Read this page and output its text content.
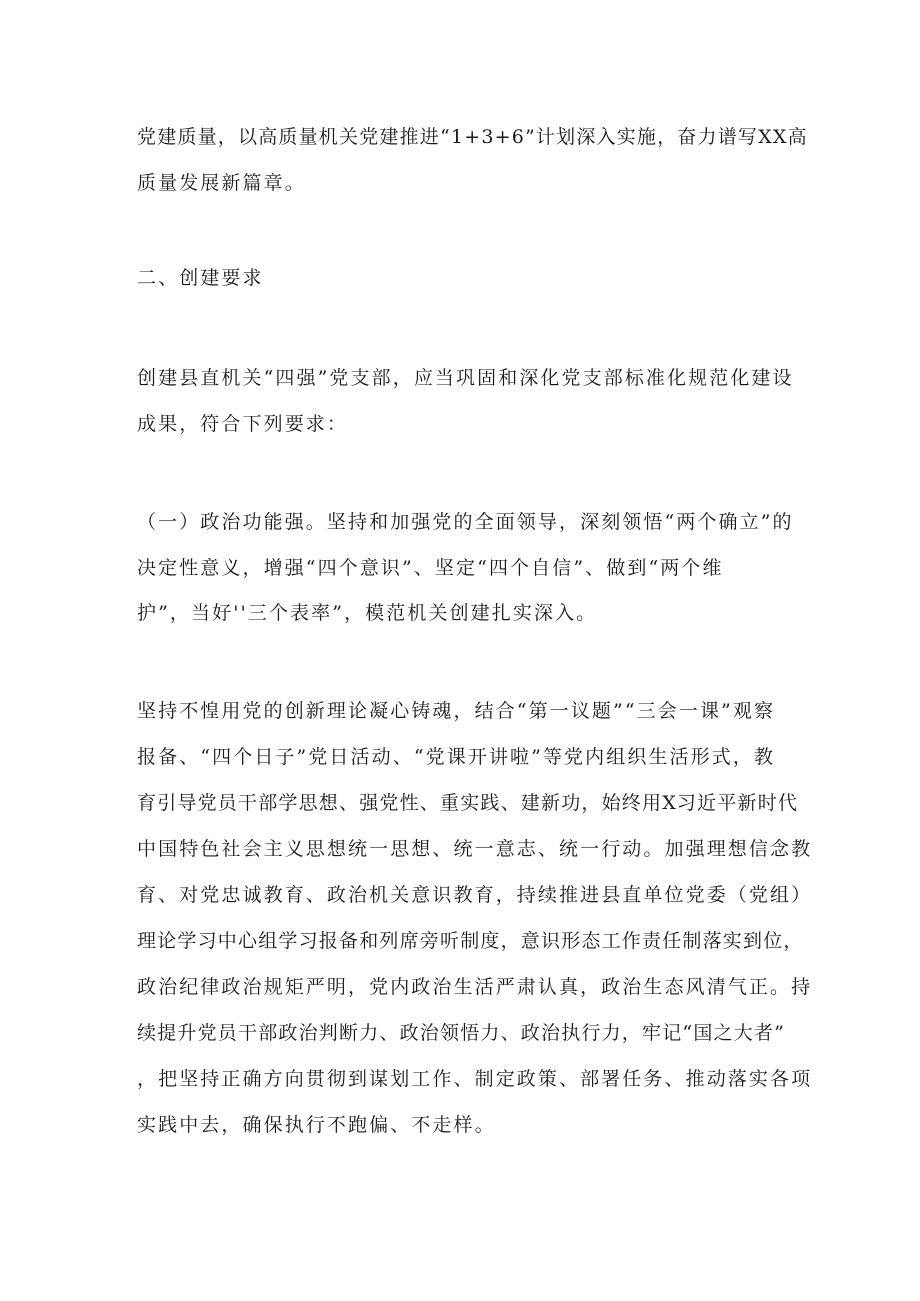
党建质量，以高质量机关党建推进“1+3+6”计划深入实施，奋力谱写XX高
质量发展新篇章。
二、创建要求
创建县直机关“四强”党支部，应当巩固和深化党支部标准化规范化建设
成果，符合下列要求：
（一）政治功能强。坚持和加强党的全面领导，深刻领悟“两个确立”的
决定性意义，增强“四个意识”、坚定“四个自信”、做到“两个维
护”，当好''三个表率”，模范机关创建扎实深入。
坚持不惶用党的创新理论凝心铸魂，结合“第一议题”“三会一课”观察
报备、“四个日子”党日活动、“党课开讲啦”等党内组织生活形式，教
育引导党员干部学思想、强党性、重实践、建新功，始终用X习近平新时代
中国特色社会主义思想统一思想、统一意志、统一行动。加强理想信念教
育、对党忠诚教育、政治机关意识教育，持续推进县直单位党委（党组）
理论学习中心组学习报备和列席旁听制度，意识形态工作责任制落实到位，
政治纪律政治规矩严明，党内政治生活严肃认真，政治生态风清气正。持
续提升党员干部政治判断力、政治领悟力、政治执行力，牢记“国之大者”
，把坚持正确方向贯彻到谋划工作、制定政策、部署任务、推动落实各项
实践中去，确保执行不跑偏、不走样。
